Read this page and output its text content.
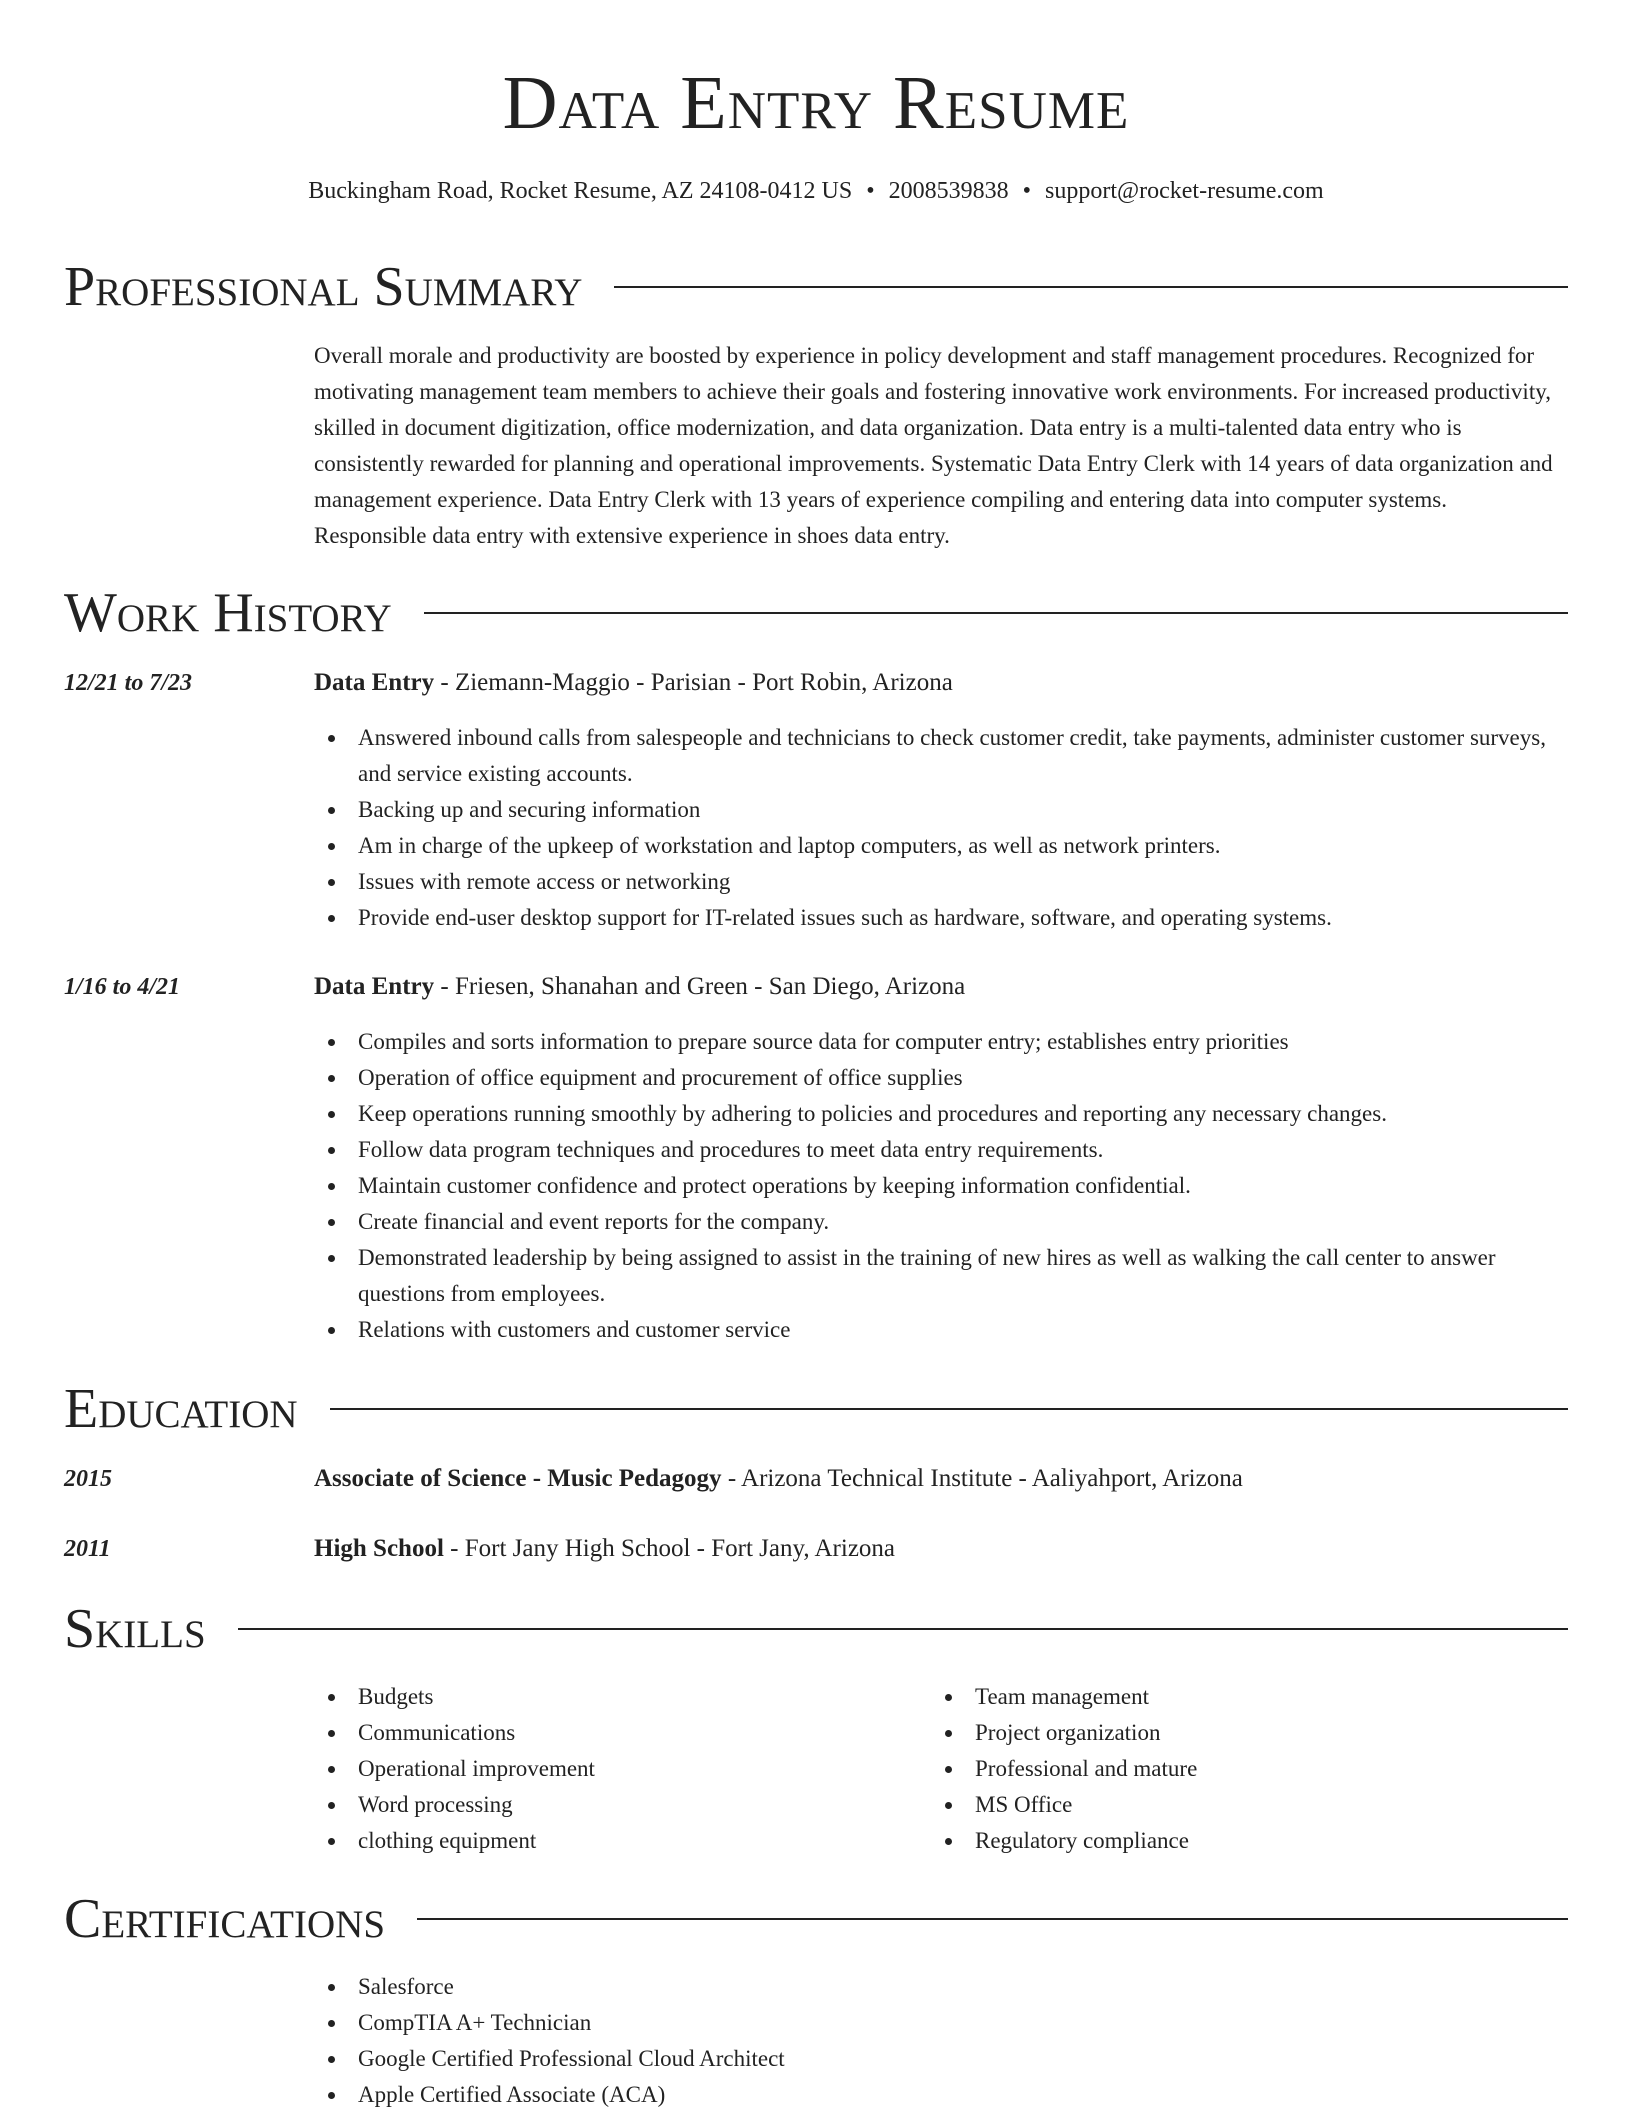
Data Entry Resume
Buckingham Road, Rocket Resume, AZ 24108-0412 US • 2008539838 • support@rocket-resume.com
Professional Summary
Overall morale and productivity are boosted by experience in policy development and staff management procedures. Recognized for motivating management team members to achieve their goals and fostering innovative work environments. For increased productivity, skilled in document digitization, office modernization, and data organization. Data entry is a multi-talented data entry who is consistently rewarded for planning and operational improvements. Systematic Data Entry Clerk with 14 years of data organization and management experience. Data Entry Clerk with 13 years of experience compiling and entering data into computer systems. Responsible data entry with extensive experience in shoes data entry.
Work History
12/21 to 7/23	Data Entry - Ziemann-Maggio - Parisian - Port Robin, Arizona
Answered inbound calls from salespeople and technicians to check customer credit, take payments, administer customer surveys, and service existing accounts.
Backing up and securing information
Am in charge of the upkeep of workstation and laptop computers, as well as network printers.
Issues with remote access or networking
Provide end-user desktop support for IT-related issues such as hardware, software, and operating systems.
1/16 to 4/21	Data Entry - Friesen, Shanahan and Green - San Diego, Arizona
Compiles and sorts information to prepare source data for computer entry; establishes entry priorities
Operation of office equipment and procurement of office supplies
Keep operations running smoothly by adhering to policies and procedures and reporting any necessary changes.
Follow data program techniques and procedures to meet data entry requirements.
Maintain customer confidence and protect operations by keeping information confidential.
Create financial and event reports for the company.
Demonstrated leadership by being assigned to assist in the training of new hires as well as walking the call center to answer questions from employees.
Relations with customers and customer service
Education
2015	Associate of Science - Music Pedagogy - Arizona Technical Institute - Aaliyahport, Arizona
2011	High School - Fort Jany High School - Fort Jany, Arizona
Skills
Budgets
Communications
Operational improvement
Word processing
clothing equipment
Team management
Project organization
Professional and mature
MS Office
Regulatory compliance
Certifications
Salesforce
CompTIA A+ Technician
Google Certified Professional Cloud Architect
Apple Certified Associate (ACA)
